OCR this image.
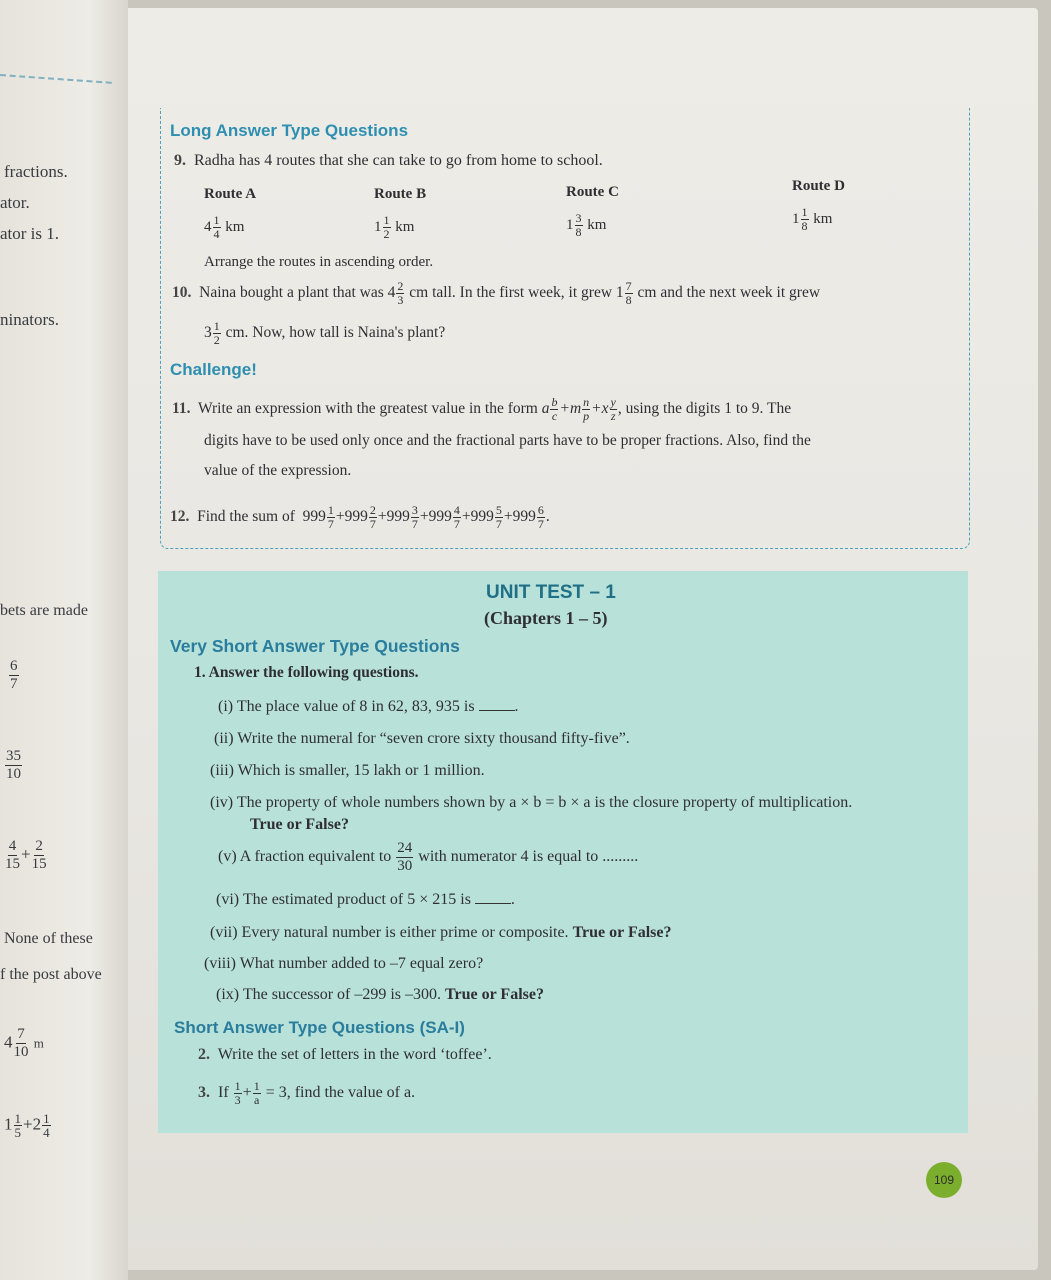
fractions.
ator.
ator is 1.
ninators.
bets are made
$\frac{6}{7}$
$\frac{35}{10}$
$\frac{4}{15} + \frac{2}{15}$
None of these
f the post above
$4 \frac{7}{10}$ m
$1 \frac{1}{5} +2 \frac{1}{4}$
Long Answer Type Questions
9. Radha has 4 routes that she can take to go from home to school.
Route A	Route B	Route C	Route D
$4 \frac{1}{4}$ km	$1 \frac{1}{2}$ km	$1 \frac{3}{8}$ km	$1 \frac{1}{8}$ km
Arrange the routes in ascending order.
10. Naina bought a plant that was $4 \frac{2}{3}$ cm tall. In the first week, it grew $1 \frac{7}{8}$ cm and the next week it grew
$3 \frac{1}{2}$ cm. Now, how tall is Naina's plant?
Challenge!
11. Write an expression with the greatest value in the form a $\frac{b}{c} +m \frac{n}{p} +x \frac{y}{z}$ , using the digits 1 to 9. The
digits have to be used only once and the fractional parts have to be proper fractions. Also, find the
value of the expression.
12. Find the sum of $999 \frac{1}{7} +999 \frac{2}{7} +999 \frac{3}{7} +999 \frac{4}{7} +999 \frac{5}{7} +999 \frac{6}{7}$ .
UNIT TEST – 1
(Chapters 1 – 5)
Very Short Answer Type Questions
1. Answer the following questions.
(i) The place value of 8 in 62, 83, 935 is	.
(ii) Write the numeral for “seven crore sixty thousand fifty-five”.
(iii) Which is smaller, 15 lakh or 1 million.
(iv) The property of whole numbers shown by a × b = b × a is the closure property of multiplication.
True or False?
(v) A fraction equivalent to $\frac{24}{30}$ with numerator 4 is equal to .........
(vi) The estimated product of 5 × 215 is	.
(vii) Every natural number is either prime or composite. True or False?
(viii) What number added to –7 equal zero?
(ix) The successor of –299 is –300. True or False?
Short Answer Type Questions (SA-I)
2. Write the set of letters in the word ‘toffee’.
3. If $\frac{1}{3} + \frac{1}{a} = 3$, find the value of a.
109
